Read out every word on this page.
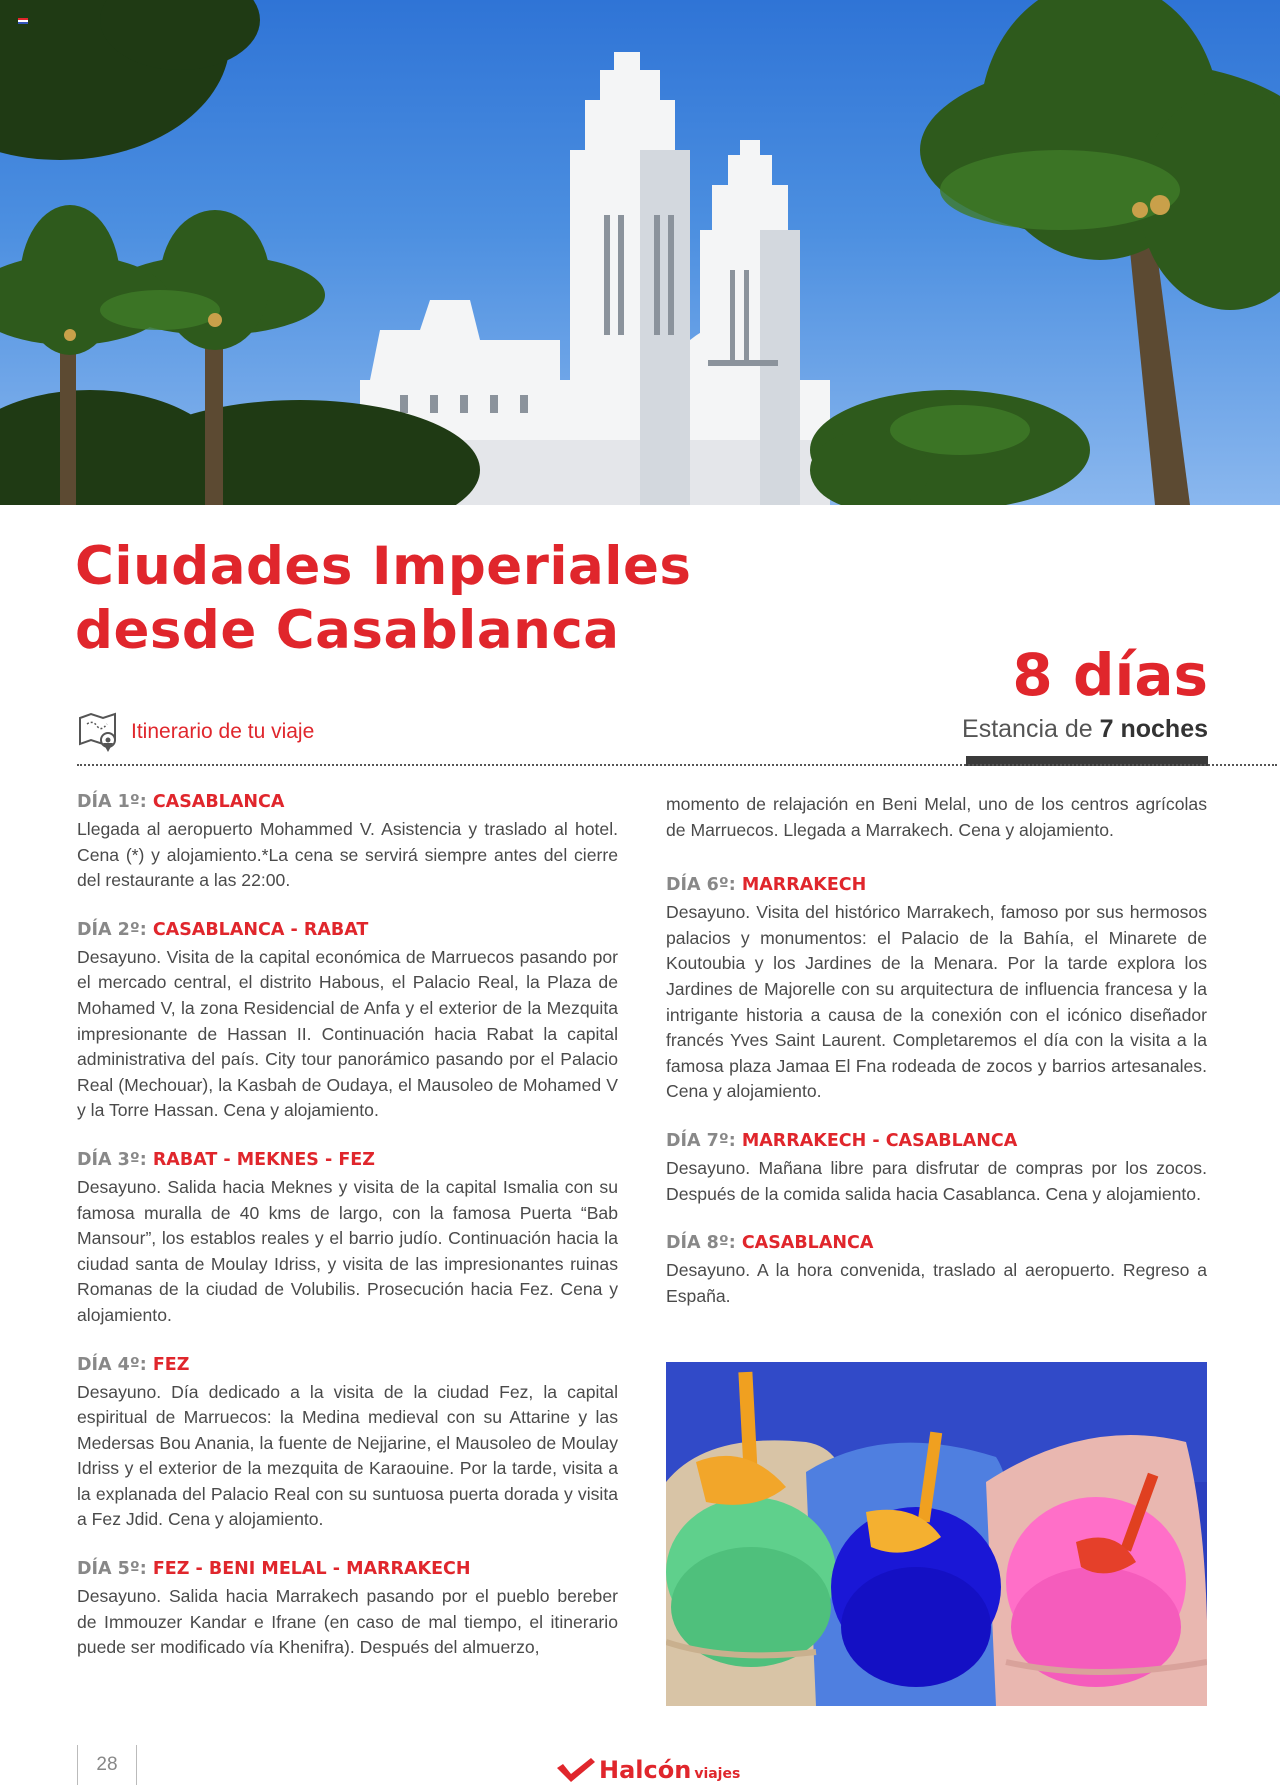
Ciudades Imperiales
desde Casablanca
8 días
Estancia de 7 noches
Itinerario de tu viaje

DÍA 1º: CASABLANCA

Llegada al aeropuerto Mohammed V. Asistencia y traslado al hotel. Cena (*) y alojamiento.*La cena se servirá siempre antes del cierre del restaurante a las 22:00.

DÍA 2º: CASABLANCA - RABAT

Desayuno. Visita de la capital económica de Marruecos pasando por el mercado central, el distrito Habous, el Palacio Real, la Plaza de Mohamed V, la zona Residencial de Anfa y el exterior de la Mezquita impresionante de Hassan II. Continuación hacia Rabat la capital administrativa del país. City tour panorámico pasando por el Palacio Real (Mechouar), la Kasbah de Oudaya, el Mausoleo de Mohamed V y la Torre Hassan. Cena y alojamiento.

DÍA 3º: RABAT - MEKNES - FEZ

Desayuno. Salida hacia Meknes y visita de la capital Ismalia con su famosa muralla de 40 kms de largo, con la famosa Puerta “Bab Mansour”, los establos reales y el barrio judío. Continuación hacia la ciudad santa de Moulay Idriss, y visita de las impresionantes ruinas Romanas de la ciudad de Volubilis. Prosecución hacia Fez. Cena y alojamiento.

DÍA 4º: FEZ

Desayuno. Día dedicado a la visita de la ciudad Fez, la capital espiritual de Marruecos: la Medina medieval con su Attarine y las Medersas Bou Anania, la fuente de Nejjarine, el Mausoleo de Moulay Idriss y el exterior de la mezquita de Karaouine. Por la tarde, visita a la explanada del Palacio Real con su suntuosa puerta dorada y visita a Fez Jdid. Cena y alojamiento.

DÍA 5º: FEZ - BENI MELAL - MARRAKECH

Desayuno. Salida hacia Marrakech pasando por el pueblo bereber de Immouzer Kandar e Ifrane (en caso de mal tiempo, el itinerario puede ser modificado vía Khenifra). Después del almuerzo,

momento de relajación en Beni Melal, uno de los centros agrícolas de Marruecos. Llegada a Marrakech. Cena y alojamiento.

DÍA 6º: MARRAKECH

Desayuno. Visita del histórico Marrakech, famoso por sus hermosos palacios y monumentos: el Palacio de la Bahía, el Minarete de Koutoubia y los Jardines de la Menara. Por la tarde explora los Jardines de Majorelle con su arquitectura de influencia francesa y la intrigante historia a causa de la conexión con el icónico diseñador francés Yves Saint Laurent. Completaremos el día con la visita a la famosa plaza Jamaa El Fna rodeada de zocos y barrios artesanales. Cena y alojamiento.

DÍA 7º: MARRAKECH - CASABLANCA

Desayuno. Mañana libre para disfrutar de compras por los zocos. Después de la comida salida hacia Casablanca. Cena y alojamiento.

DÍA 8º: CASABLANCA

Desayuno. A la hora convenida, traslado al aeropuerto. Regreso a España.

28	Halcón viajes
